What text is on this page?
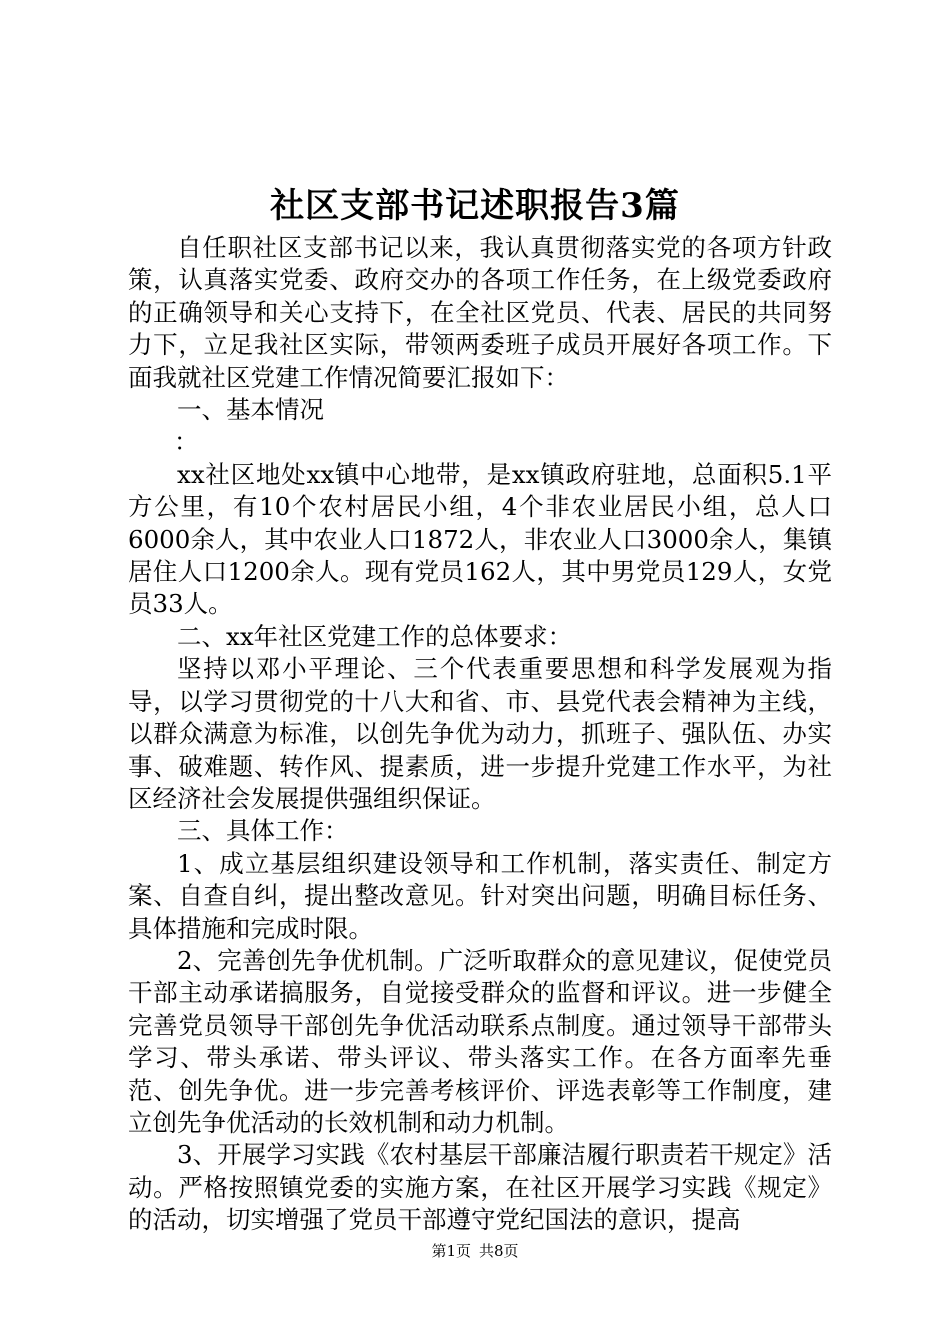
社区支部书记述职报告3篇

自任职社区支部书记以来，我认真贯彻落实党的各项方针政策，认真落实党委、政府交办的各项工作任务，在上级党委政府的正确领导和关心支持下，在全社区党员、代表、居民的共同努力下，立足我社区实际，带领两委班子成员开展好各项工作。下面我就社区党建工作情况简要汇报如下：

一、基本情况

：

xx社区地处xx镇中心地带，是xx镇政府驻地，总面积5.1平方公里，有10个农村居民小组，4个非农业居民小组，总人口6000余人，其中农业人口1872人，非农业人口3000余人，集镇居住人口1200余人。现有党员162人，其中男党员129人，女党员33人。

二、xx年社区党建工作的总体要求：

坚持以邓小平理论、三个代表重要思想和科学发展观为指导，以学习贯彻党的十八大和省、市、县党代表会精神为主线，以群众满意为标准，以创先争优为动力，抓班子、强队伍、办实事、破难题、转作风、提素质，进一步提升党建工作水平，为社区经济社会发展提供强组织保证。

三、具体工作：

1、成立基层组织建设领导和工作机制，落实责任、制定方案、自查自纠，提出整改意见。针对突出问题，明确目标任务、具体措施和完成时限。

2、完善创先争优机制。广泛听取群众的意见建议，促使党员干部主动承诺搞服务，自觉接受群众的监督和评议。进一步健全完善党员领导干部创先争优活动联系点制度。通过领导干部带头学习、带头承诺、带头评议、带头落实工作。在各方面率先垂范、创先争优。进一步完善考核评价、评选表彰等工作制度，建立创先争优活动的长效机制和动力机制。

3、开展学习实践《农村基层干部廉洁履行职责若干规定》活动。严格按照镇党委的实施方案，在社区开展学习实践《规定》的活动，切实增强了党员干部遵守党纪国法的意识，提高

第1页 共8页
